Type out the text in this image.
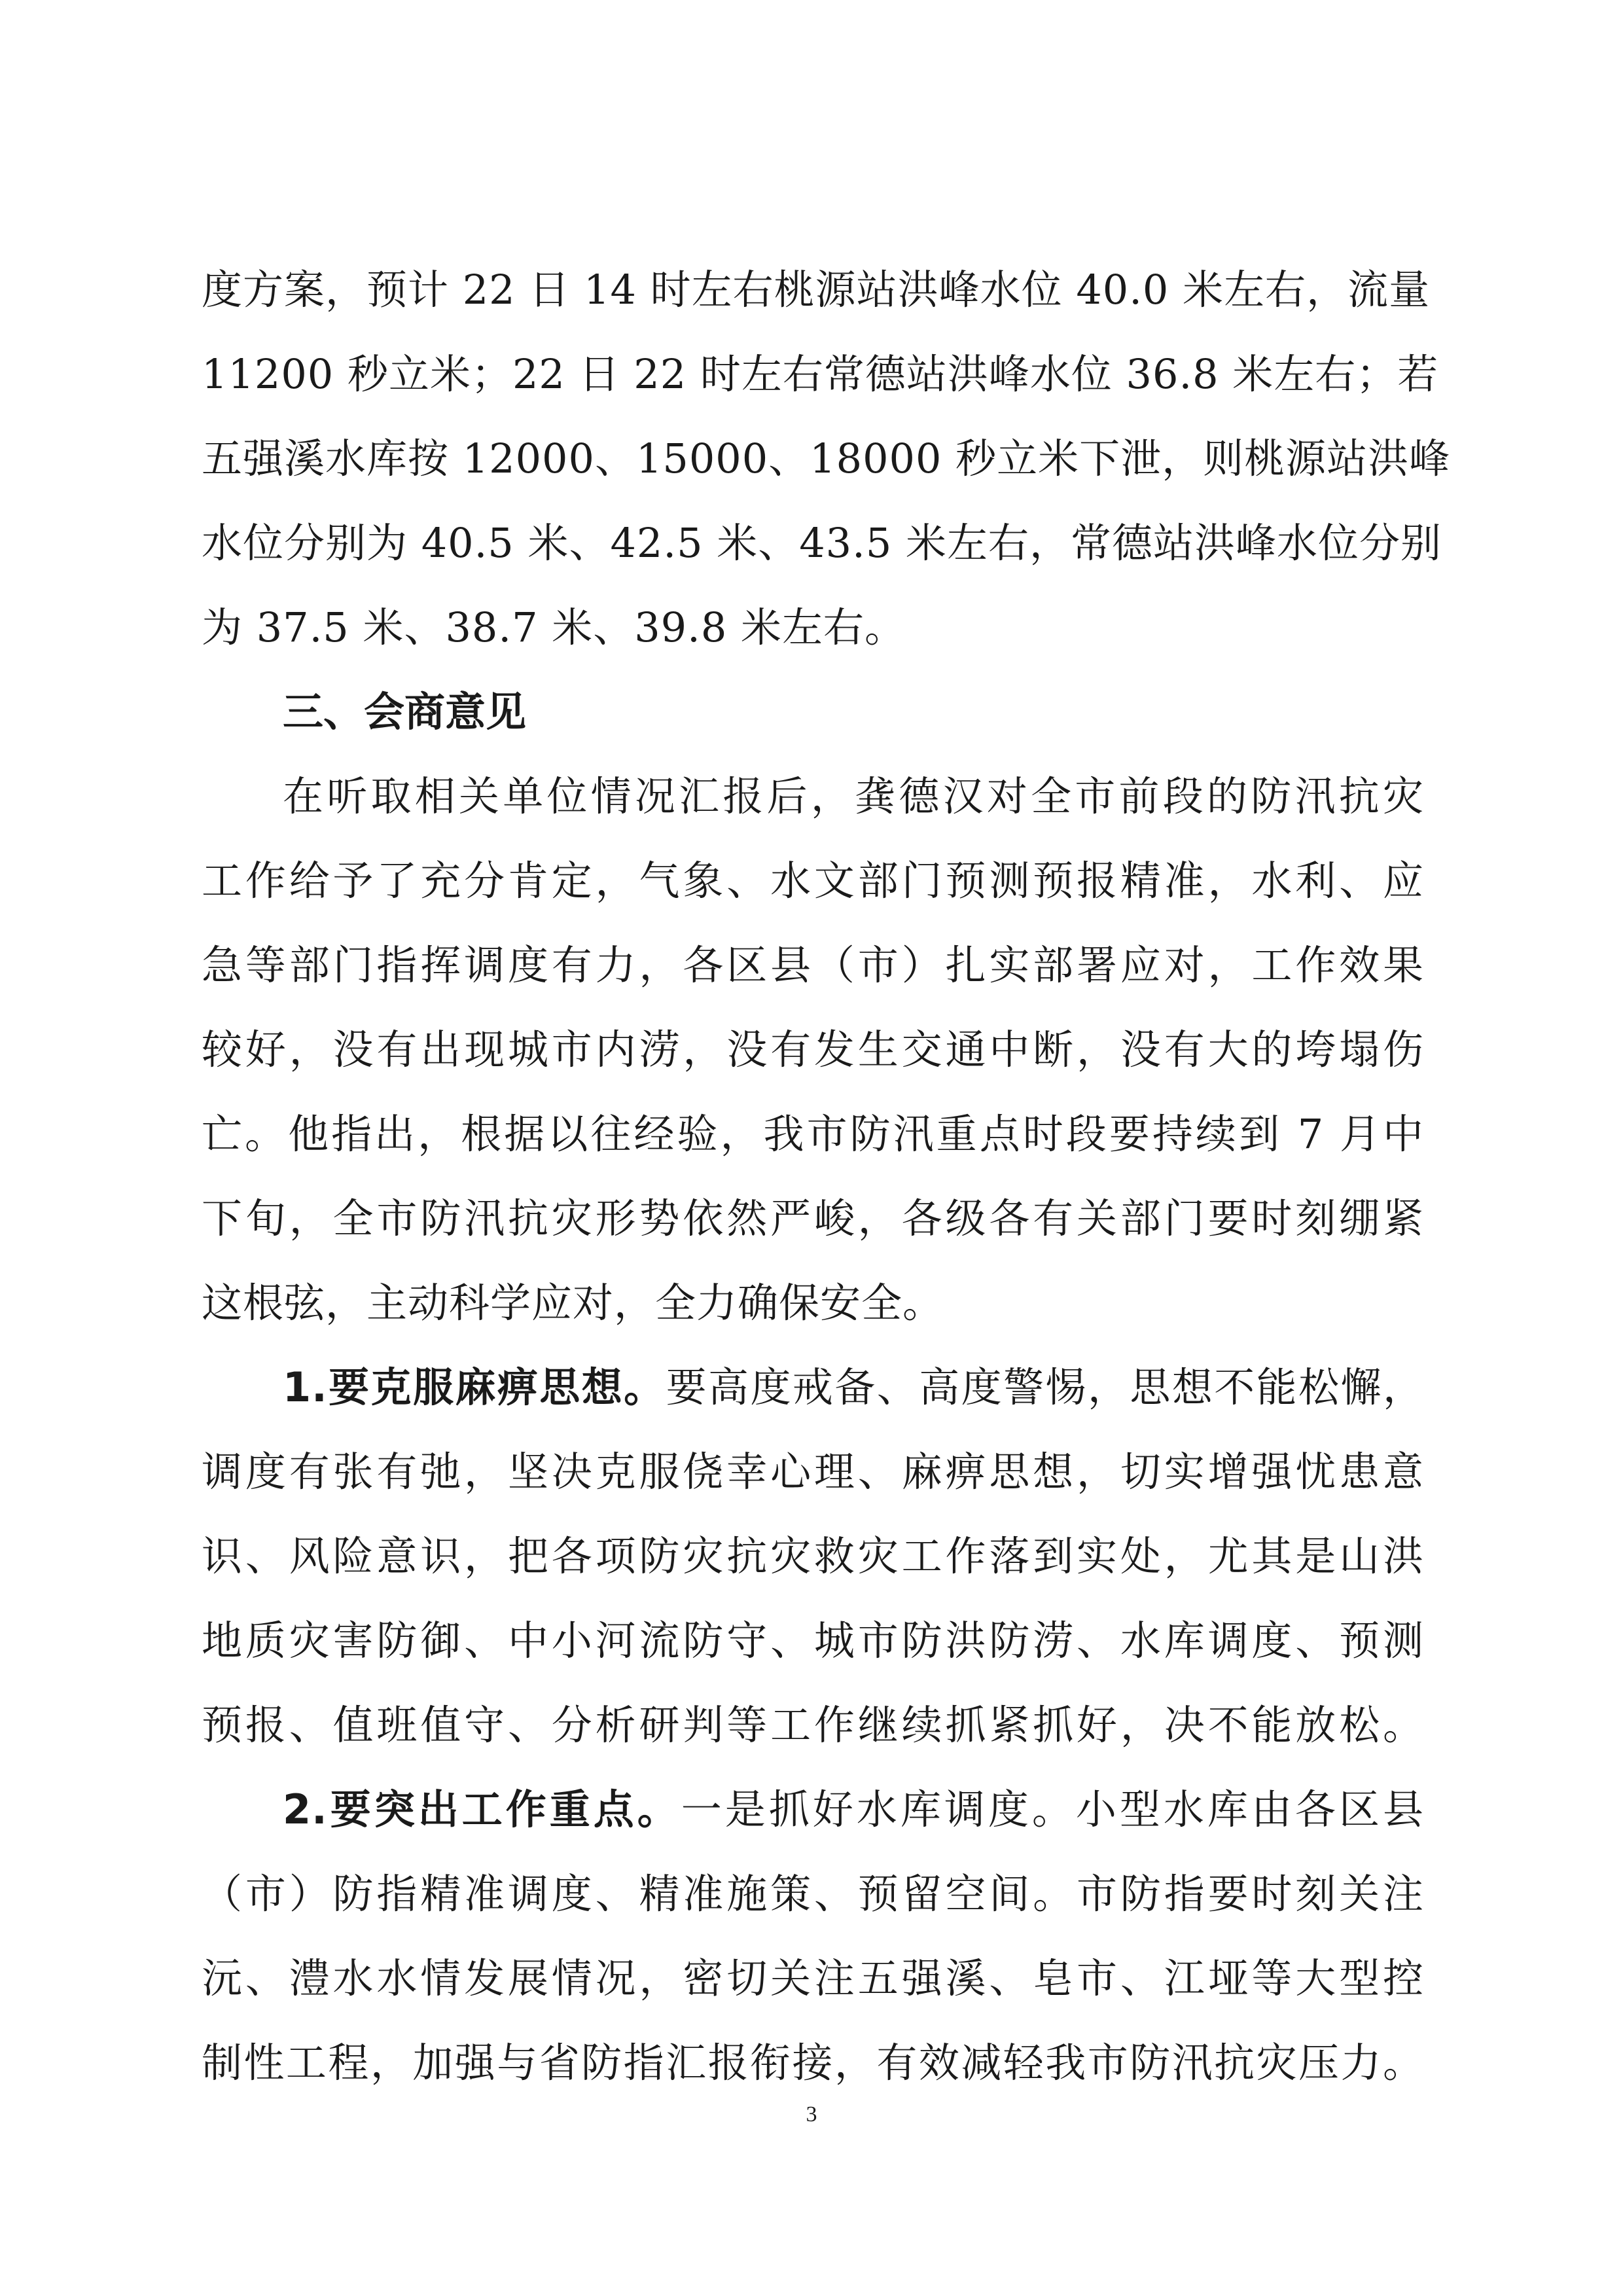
度方案，预计 22 日 14 时左右桃源站洪峰水位 40.0 米左右，流量
11200 秒立米；22 日 22 时左右常德站洪峰水位 36.8 米左右；若
五强溪水库按 12000、15000、18000 秒立米下泄，则桃源站洪峰
水位分别为 40.5 米、42.5 米、43.5 米左右，常德站洪峰水位分别
为 37.5 米、38.7 米、39.8 米左右。
三、会商意见
在听取相关单位情况汇报后，龚德汉对全市前段的防汛抗灾
工作给予了充分肯定，气象、水文部门预测预报精准，水利、应
急等部门指挥调度有力，各区县（市）扎实部署应对，工作效果
较好，没有出现城市内涝，没有发生交通中断，没有大的垮塌伤
亡。他指出，根据以往经验，我市防汛重点时段要持续到 7 月中
下旬，全市防汛抗灾形势依然严峻，各级各有关部门要时刻绷紧
这根弦，主动科学应对，全力确保安全。
1.要克服麻痹思想。要高度戒备、高度警惕，思想不能松懈，
调度有张有弛，坚决克服侥幸心理、麻痹思想，切实增强忧患意
识、风险意识，把各项防灾抗灾救灾工作落到实处，尤其是山洪
地质灾害防御、中小河流防守、城市防洪防涝、水库调度、预测
预报、值班值守、分析研判等工作继续抓紧抓好，决不能放松。
2.要突出工作重点。一是抓好水库调度。小型水库由各区县
（市）防指精准调度、精准施策、预留空间。市防指要时刻关注
沅、澧水水情发展情况，密切关注五强溪、皂市、江垭等大型控
制性工程，加强与省防指汇报衔接，有效减轻我市防汛抗灾压力。
3
